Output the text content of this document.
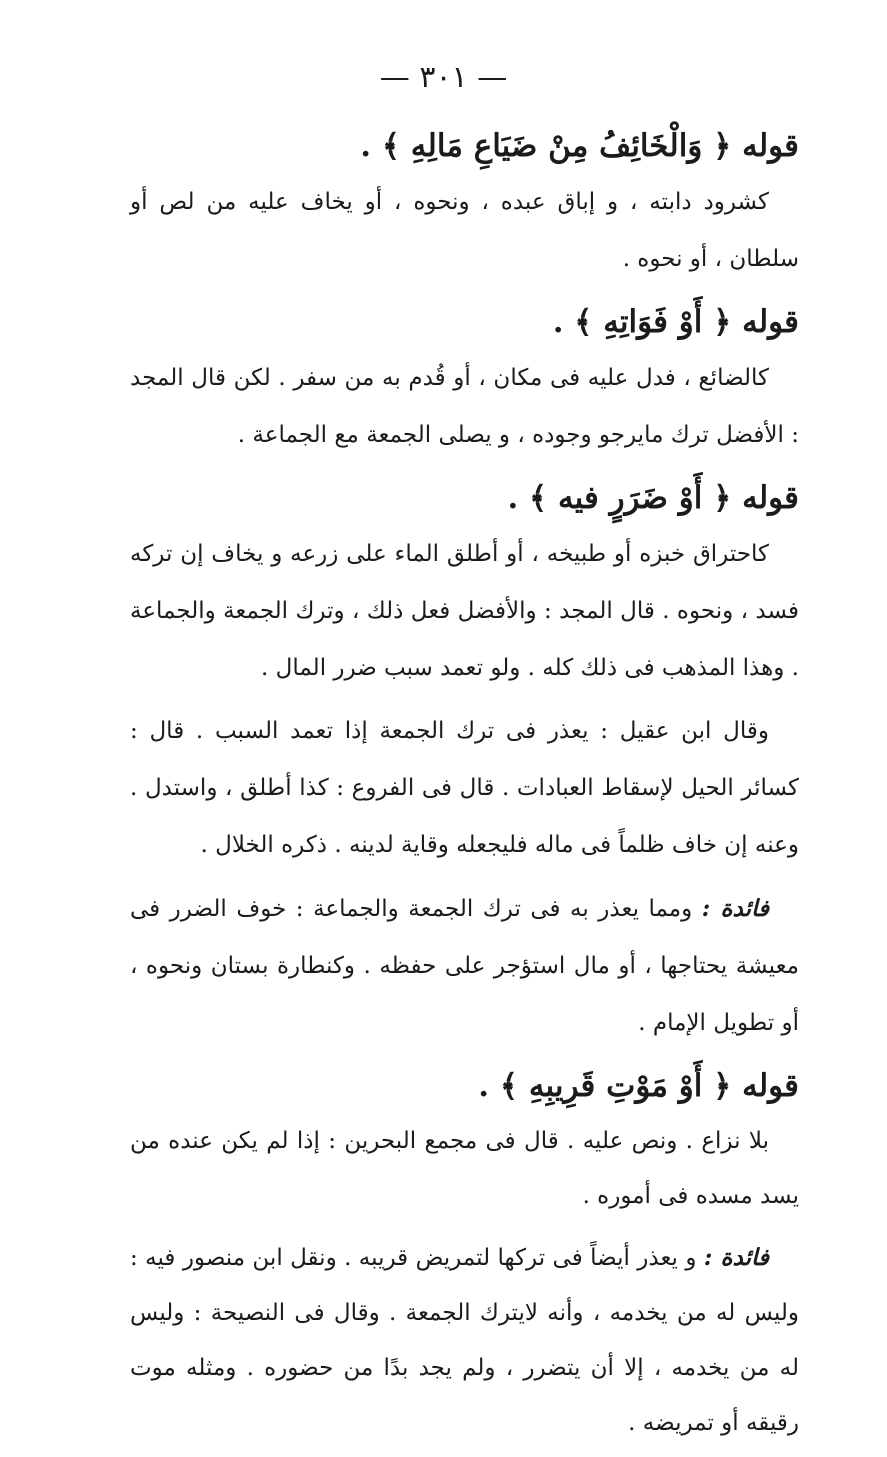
— ٣٠١ —

قوله ﴿ وَالْخَائِفُ مِنْ ضَيَاعِ مَالِهِ ﴾ .

كشرود دابته ، و إباق عبده ، ونحوه ، أو يخاف عليه من لص أو سلطان ، أو نحوه .

قوله ﴿ أَوْ فَوَاتِهِ ﴾ .

كالضائع ، فدل عليه فى مكان ، أو قُدم به من سفر . لكن قال المجد : الأفضل ترك مايرجو وجوده ، و يصلى الجمعة مع الجماعة .

قوله ﴿ أَوْ ضَرَرٍ فيه ﴾ .

كاحتراق خبزه أو طبيخه ، أو أطلق الماء على زرعه و يخاف إن تركه فسد ، ونحوه . قال المجد : والأفضل فعل ذلك ، وترك الجمعة والجماعة . وهذا المذهب فى ذلك كله . ولو تعمد سبب ضرر المال .

وقال ابن عقيل : يعذر فى ترك الجمعة إذا تعمد السبب . قال : كسائر الحيل لإسقاط العبادات . قال فى الفروع : كذا أطلق ، واستدل . وعنه إن خاف ظلماً فى ماله فليجعله وقاية لدينه . ذكره الخلال .

فائدة : ومما يعذر به فى ترك الجمعة والجماعة : خوف الضرر فى معيشة يحتاجها ، أو مال استؤجر على حفظه . وكنطارة بستان ونحوه ، أو تطويل الإمام .

قوله ﴿ أَوْ مَوْتِ قَرِيبِهِ ﴾ .

بلا نزاع . ونص عليه . قال فى مجمع البحرين : إذا لم يكن عنده من يسد مسده فى أموره .

فائدة : و يعذر أيضاً فى تركها لتمريض قريبه . ونقل ابن منصور فيه : وليس له من يخدمه ، وأنه لايترك الجمعة . وقال فى النصيحة : وليس له من يخدمه ، إلا أن يتضرر ، ولم يجد بدًا من حضوره . ومثله موت رقيقه أو تمريضه .
